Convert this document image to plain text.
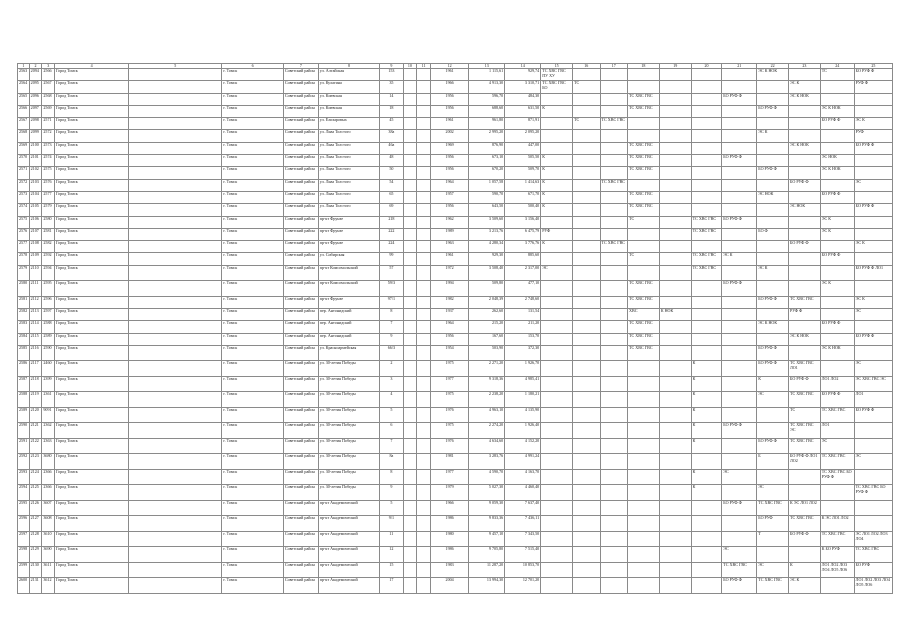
1	2	3	4	5	6	7	8	9	10	11	12	13	14	15	16	17	18	19	20	21	22	23	24	25
2563	2094	2566	Город Томск		г. Томск	Советский район	ул. Алтайская	153			1961	1 115,61	929,74	ТС ХВС ГВС ПУ ХУ							ЭС К НОК		ТС	БО РУФ Ф
2564	2095	2567	Город Томск		г. Томск	Советский район	ул. Кулагина	35			1966	4 913,30	3 310,71	ТС ХВС ГВС БО	ТС							ЭС К		РУФ Ф
2565	2096	2568	Город Томск		г. Томск	Советский район	ул. Киевская	14			1956	596,70	484,30				ТС ХВС ГВС			БО РУФ Ф		ЭС К НОК		
2566	2097	2569	Город Томск		г. Томск	Советский район	ул. Киевская	18			1956	688,60	631,50	К			ТС ХВС ГВС				БО РУФ Ф		ЭС К НОК	
2567	2098	2571	Город Томск		г. Томск	Советский район	ул. Елизаровых	45			1961	961,80	871,91		ТС	ТС ХВС ГВС							БО РУФ Ф	ЭС К
2568	2099	2572	Город Томск		г. Томск	Советский район	ул. Льва Толстого	38а			2002	2 995,20	2 095,20								ЭС К			РУФ
2569	2100	2573	Город Томск		г. Томск	Советский район	ул. Льва Толстого	46а			1969	876,90	447,00				ТС ХВС ГВС					ЭС К НОК		БО РУФ Ф
2570	2101	2574	Город Томск		г. Томск	Советский район	ул. Льва Толстого	48			1956	673,10	505,50	К			ТС ХВС ГВС			БО РУФ Ф			ЭС НОК	
2571	2102	2575	Город Томск		г. Томск	Советский район	ул. Льва Толстого	50			1956	670,20	509,70	К			ТС ХВС ГВС				БО РУФ Ф		ЭС К НОК	
2572	2103	2576	Город Томск		г. Томск	Советский район	ул. Льва Толстого	54			1964	1 057,58	1 414,63	К		ТС ХВС ГВС						БО РУФ Ф		ЭС
2573	2104	2577	Город Томск		г. Томск	Советский район	ул. Льва Толстого	65			1957	590,70	671,70	К			ТС ХВС ГВС				ЭС НОК		БО РУФ Ф	
2574	2105	2579	Город Томск		г. Томск	Советский район	ул. Льва Толстого	69			1956	643,50	500,40	К			ТС ХВС ГВС					ЭС НОК		БО РУФ Ф
2575	2106	2580	Город Томск		г. Томск	Советский район	пр-кт Фрунзе	218			1962	3 509,60	3 156,40				ТС		ТС ХВС ГВС	БО РУФ Ф			ЭС К	
2576	2107	2581	Город Томск		г. Томск	Советский район	пр-кт Фрунзе	222			1989	3 213,76	6 475,79	РУФ					ТС ХВС ГВС		БО Ф		ЭС К	
2577	2108	2582	Город Томск		г. Томск	Советский район	пр-кт Фрунзе	224			1963	4 280,34	3 776,76	К		ТС ХВС ГВС						БО РУФ Ф		ЭС К
2578	2109	2592	Город Томск		г. Томск	Советский район	ул. Сибирская	99			1961	929,30	885,60				ТС		ТС ХВС ГВС	ЭС К			БО РУФ Ф	
2579	2110	2594	Город Томск		г. Томск	Советский район	пр-кт Комсомольский	57			1972	3 508,40	2 317,00	ЭС					ТС ХВС ГВС		ЭС К			БО РУФ Ф ЛО1
2580	2111	2595	Город Томск		г. Томск	Советский район	пр-кт Комсомольский	59/3			1994	509,80	477,10				ТС ХВС ГВС			БО РУФ Ф			ЭС К	
2581	2112	2596	Город Томск		г. Томск	Советский район	пр-кт Фрунзе	97/1			1982	2 048,39	2 748,60				ТС ХВС ГВС				БО РУФ Ф	ТС ХВС ГВС		ЭС К
2582	2113	2597	Город Томск		г. Томск	Советский район	пер. Антонидский	8			1937	262,60	131,54				ХВС	К НОК				РУФ Ф		ЭС
2583	2114	2588	Город Томск		г. Томск	Советский район	пер. Антонидский	7			1964	215,20	211,20				ТС ХВС ГВС				ЭС К НОК		БО РУФ Ф	
2584	2115	2589	Город Томск		г. Томск	Советский район	пер. Антонидский	9			1956	167,60	153,70				ТС ХВС ГВС					ЭС К НОК		БО РУФ Ф
2585	2116	2590	Город Томск		г. Томск	Советский район	ул. Красноармейская	66/3			1954	503,90	372,30				ТС ХВС ГВС				БО РУФ Ф		ЭС К НОК	
2586	2117	2460	Город Томск		г. Томск	Советский район	ул. 30-летия Победы	2			1975	2 271,20	1 926,70						К		БО РУФ Ф	ТС ХВС ГВС ЛО1		ЭС
2587	2118	2399	Город Томск		г. Томск	Советский район	ул. 30-летия Победы	3			1977	9 318,36	4 985,41						К		К	БО РУФ Ф	ЛО1 ЛО2	ЭС ХВС ГВС ЭС
2588	2119	2361	Город Томск		г. Томск	Советский район	ул. 30-летия Победы	4			1975	2 238,20	1 180,21						К		ЭС	ТС ХВС ГВС	БО РУФ Ф	ЛО1
2589	2120	9091	Город Томск		г. Томск	Советский район	ул. 30-летия Победы	5			1976	4 963,10	4 135,90						К			ТС	ТС ХВС ГВС	БО РУФ Ф
2590	2121	2362	Город Томск		г. Томск	Советский район	ул. 30-летия Победы	6			1975	2 274,20	1 926,40						К	БО РУФ Ф		ТС ХВС ГВС ЭС	ЛО1	
2591	2122	2363	Город Томск		г. Томск	Советский район	ул. 30-летия Победы	7			1976	4 634,60	4 152,20						К		БО РУФ Ф	ТС ХВС ГВС	ЭС	
2592	2123	3680	Город Томск		г. Томск	Советский район	ул. 30-летия Победы	8а			1981	3 283,76	4 991,24								Б	БО РУФ Ф ЛО1 ЛО2	ТС ХВС ГВС	ЭС
2593	2124	2366	Город Томск		г. Томск	Советский район	ул. 30-летия Победы	8			1977	4 590,70	4 163,70						К	ЭС			ТС ХВС ГВС БО РУФ Ф	
2594	2125	2366	Город Томск		г. Томск	Советский район	ул. 30-летия Победы	9			1979	5 027,30	4 460,40						К		ЭС			ТС ХВС ГВС БО РУФ Ф
2595	2126	3607	Город Томск		г. Томск	Советский район	пр-кт Академический	5			1966	9 059,30	7 637,40							БО РУФ Ф	ТС ХВС ГВС	К ЭС ЛО1 ЛО2		
2596	2127	3608	Город Томск		г. Томск	Советский район	пр-кт Академический	9/1			1986	9 833,36	7 436,11								БО РУФ	ТС ХВС ГВС	К ЭС ЛО1 ЛО2	
2597	2128	3610	Город Томск		г. Томск	Советский район	пр-кт Академический	11			1980	9 457,10	7 343,50								Т	БО РУФ Ф	ТС ХВС ГВС	ЭС ЛО1 ЛО2 ЛО3 ЛО4
2598	2129	3690	Город Томск		г. Томск	Советский район	пр-кт Академический	12			1986	9 705,80	7 515,40							ЭС			К БО РУФ	ТС ХВС ГВС
2599	2130	3611	Город Томск		г. Томск	Советский район	пр-кт Академический	15			1983	11 287,20	10 853,70							ТС ХВС ГВС	ЭС	К	ЛО1 ЛО2 ЛО3 ЛО4 ЛО5 ЛО6	БО РУФ
2600	2131	3612	Город Томск		г. Томск	Советский район	пр-кт Академический	17			2004	13 994,30	12 701,20							БО РУФ Ф	ТС ХВС ГВС	ЭС К		ЛО1 ЛО2 ЛО3 ЛО4 ЛО5 ЛО6
